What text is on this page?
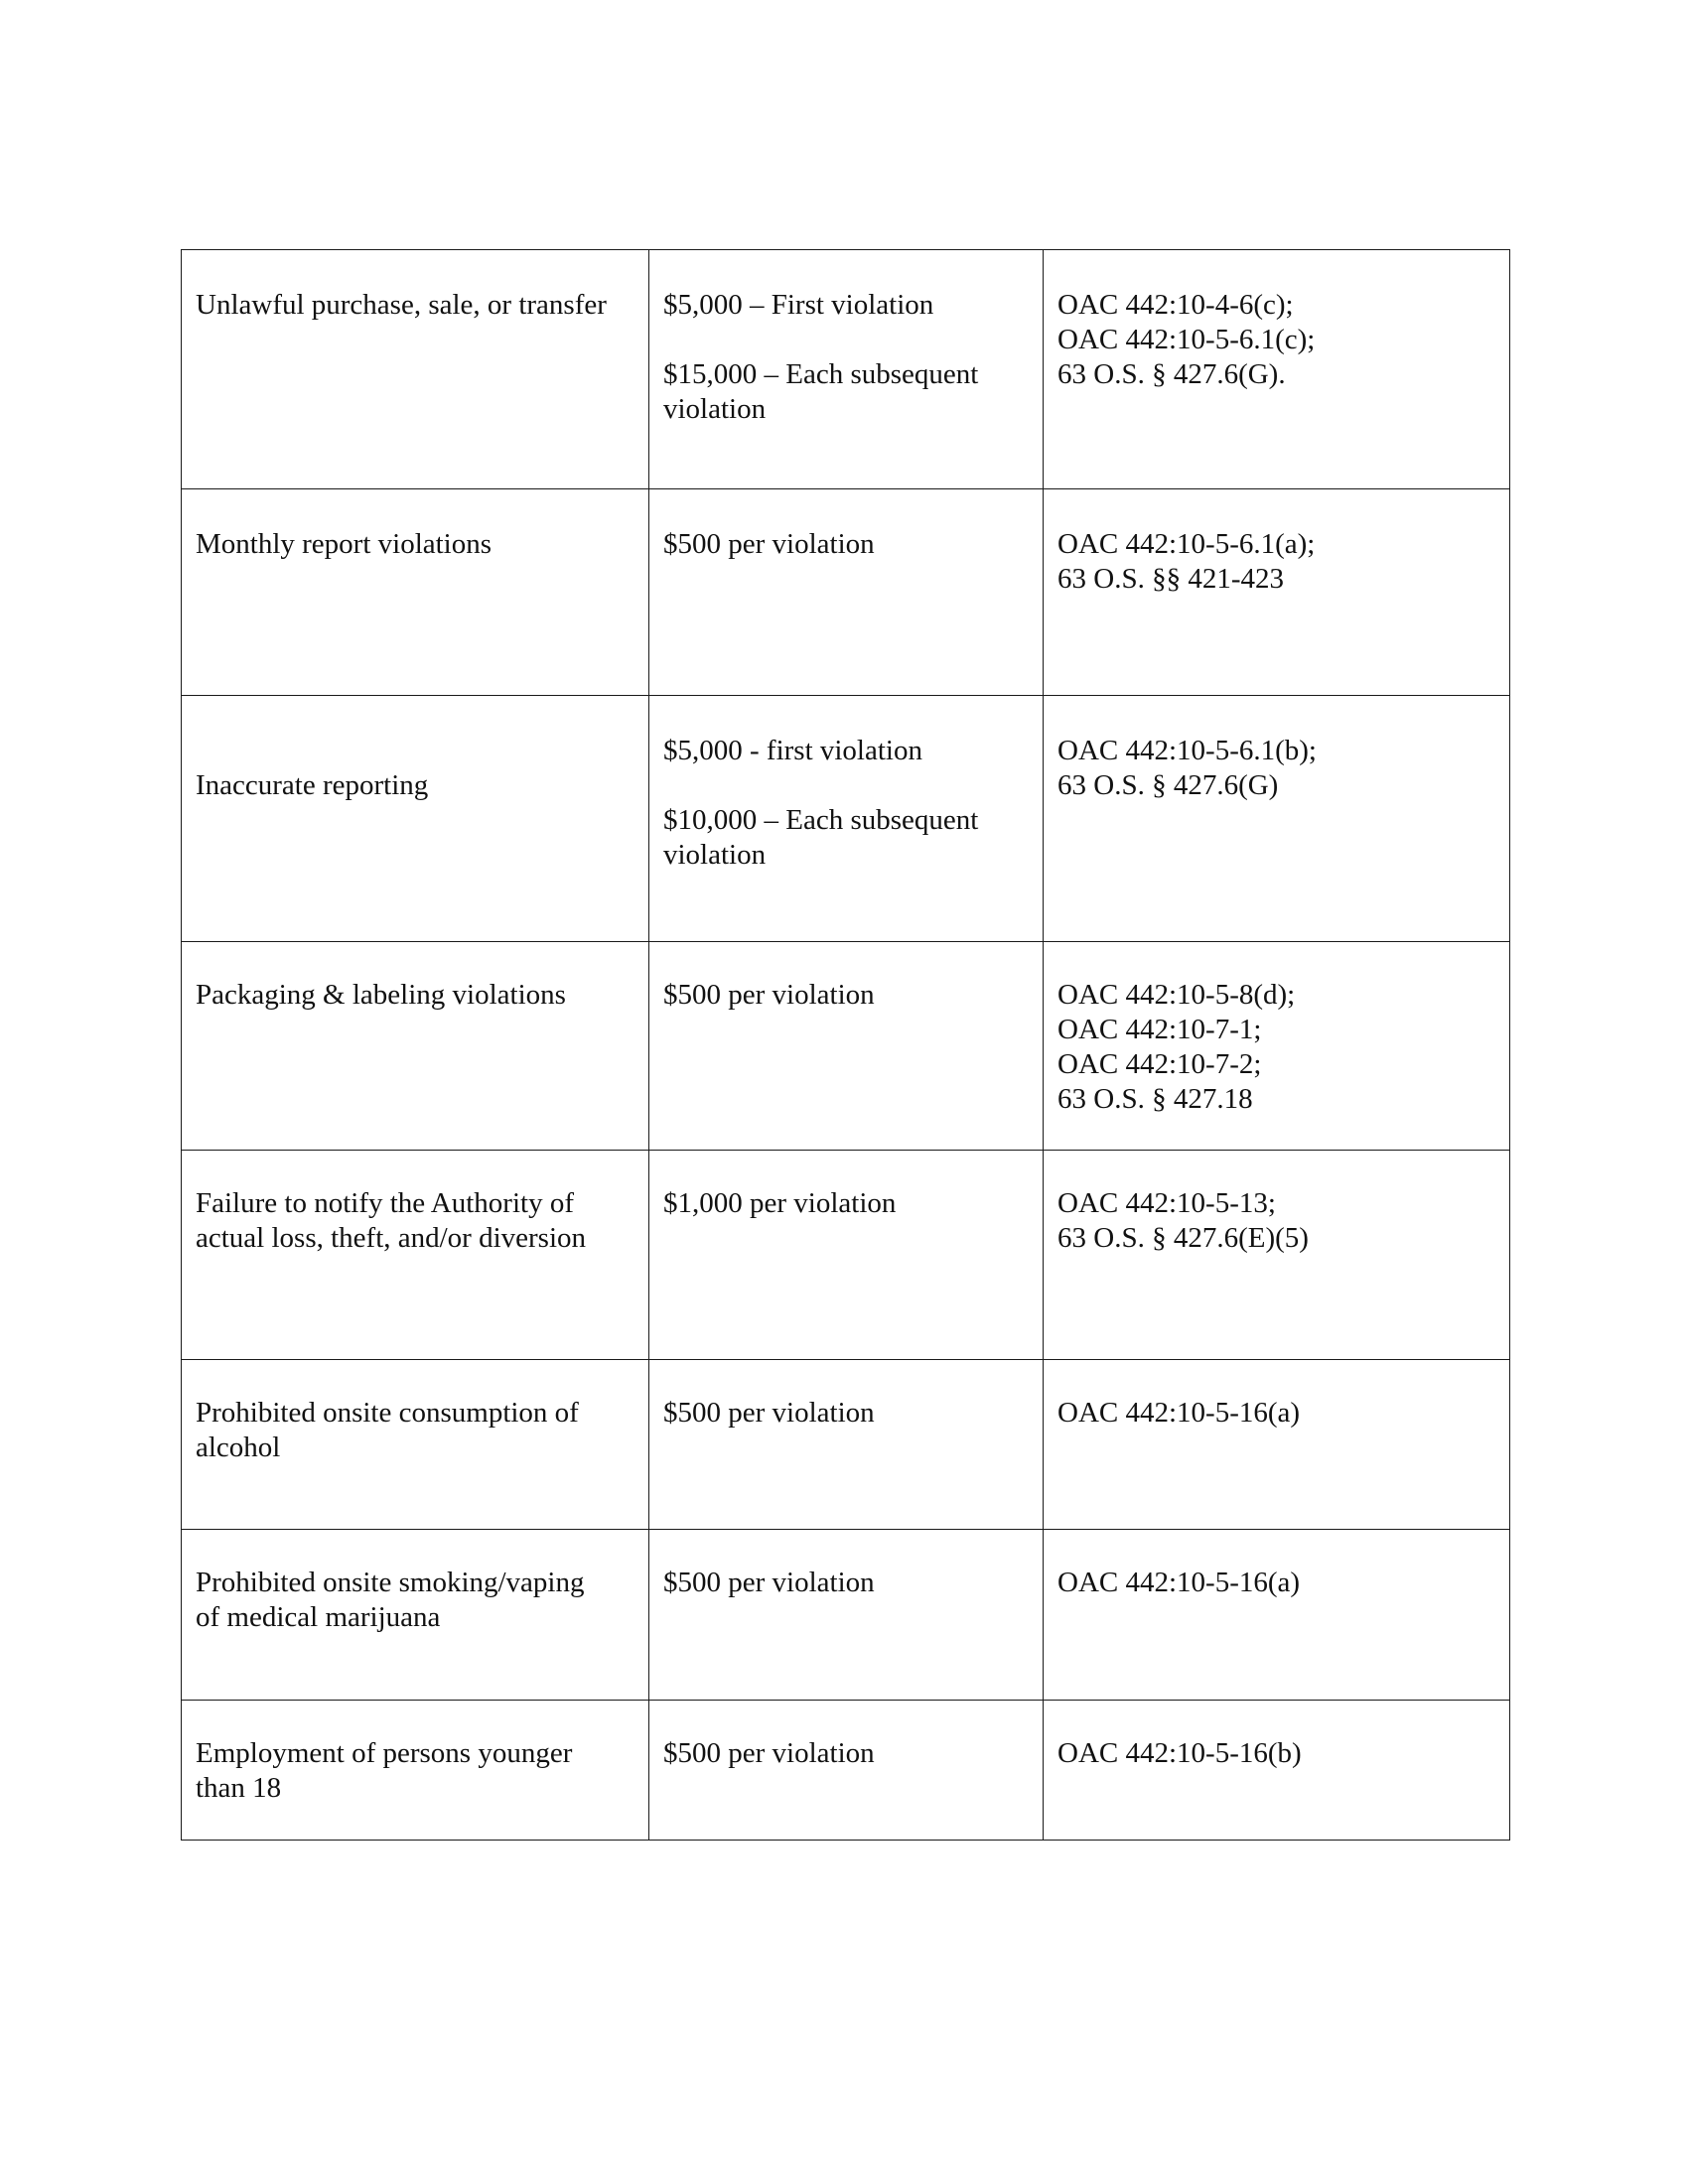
Unlawful purchase, sale, or transfer	$5,000 – First violation
$15,000 – Each subsequent
violation	OAC 442:10-4-6(c);
OAC 442:10-5-6.1(c);
63 O.S. § 427.6(G).

Monthly report violations	$500 per violation	OAC 442:10-5-6.1(a);
63 O.S. §§ 421-423

Inaccurate reporting	$5,000 - first violation
$10,000 – Each subsequent
violation	OAC 442:10-5-6.1(b);
63 O.S. § 427.6(G)

Packaging & labeling violations	$500 per violation	OAC 442:10-5-8(d);
OAC 442:10-7-1;
OAC 442:10-7-2;
63 O.S. § 427.18

Failure to notify the Authority of
actual loss, theft, and/or diversion	$1,000 per violation	OAC 442:10-5-13;
63 O.S. § 427.6(E)(5)

Prohibited onsite consumption of
alcohol	$500 per violation	OAC 442:10-5-16(a)

Prohibited onsite smoking/vaping
of medical marijuana	$500 per violation	OAC 442:10-5-16(a)

Employment of persons younger
than 18	$500 per violation	OAC 442:10-5-16(b)
